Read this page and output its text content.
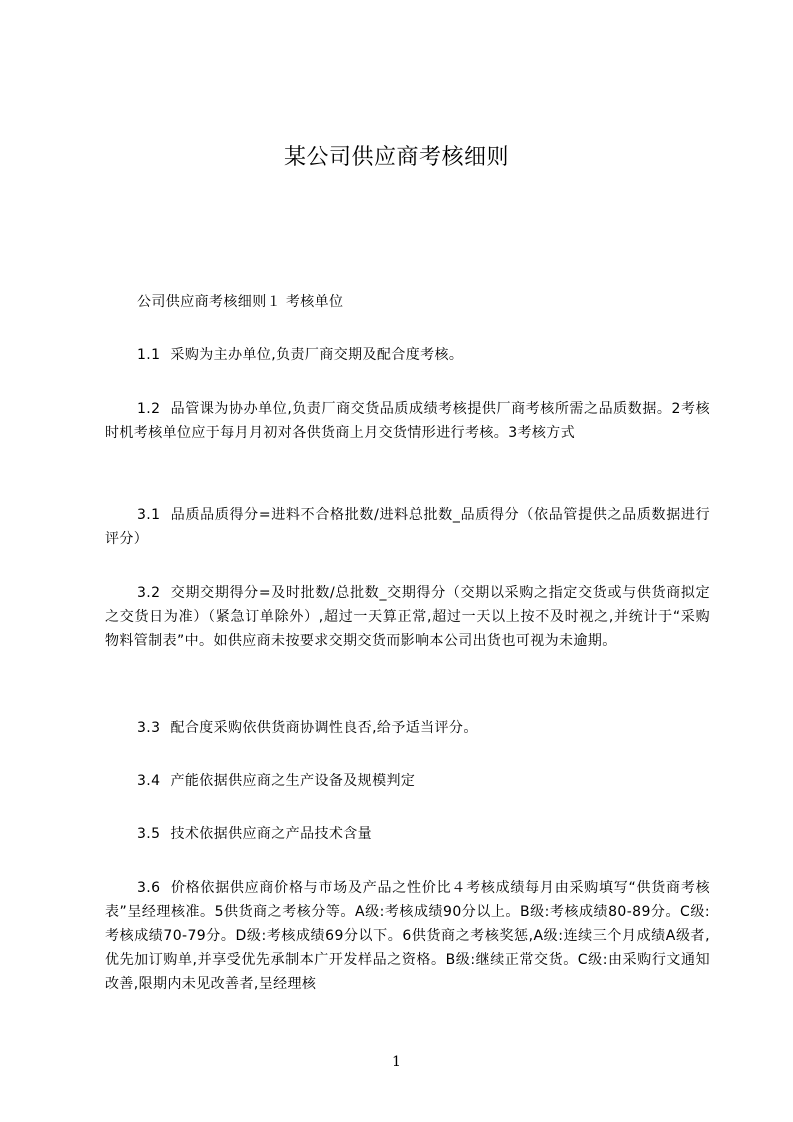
某公司供应商考核细则
公司供应商考核细则１ 考核单位
1.1 采购为主办单位,负责厂商交期及配合度考核。
1.2 品管课为协办单位,负责厂商交货品质成绩考核提供厂商考核所需之品质数据。2考核时机考核单位应于每月月初对各供货商上月交货情形进行考核。3考核方式
3.1 品质品质得分=进料不合格批数/进料总批数_品质得分（依品管提供之品质数据进行评分）
3.2 交期交期得分=及时批数/总批数_交期得分（交期以采购之指定交货或与供货商拟定之交货日为准）（紧急订单除外）,超过一天算正常,超过一天以上按不及时视之,并统计于“采购物料管制表”中。如供应商未按要求交期交货而影响本公司出货也可视为未逾期。
3.3 配合度采购依供货商协调性良否,给予适当评分。
3.4 产能依据供应商之生产设备及规模判定
3.5 技术依据供应商之产品技术含量
3.6 价格依据供应商价格与市场及产品之性价比４考核成绩每月由采购填写“供货商考核表”呈经理核准。5供货商之考核分等。A级:考核成绩90分以上。B级:考核成绩80-89分。C级:考核成绩70-79分。D级:考核成绩69分以下。6供货商之考核奖惩,A级:连续三个月成绩A级者,优先加订购单,并享受优先承制本广开发样品之资格。B级:继续正常交货。C级:由采购行文通知改善,限期内未见改善者,呈经理核
1
